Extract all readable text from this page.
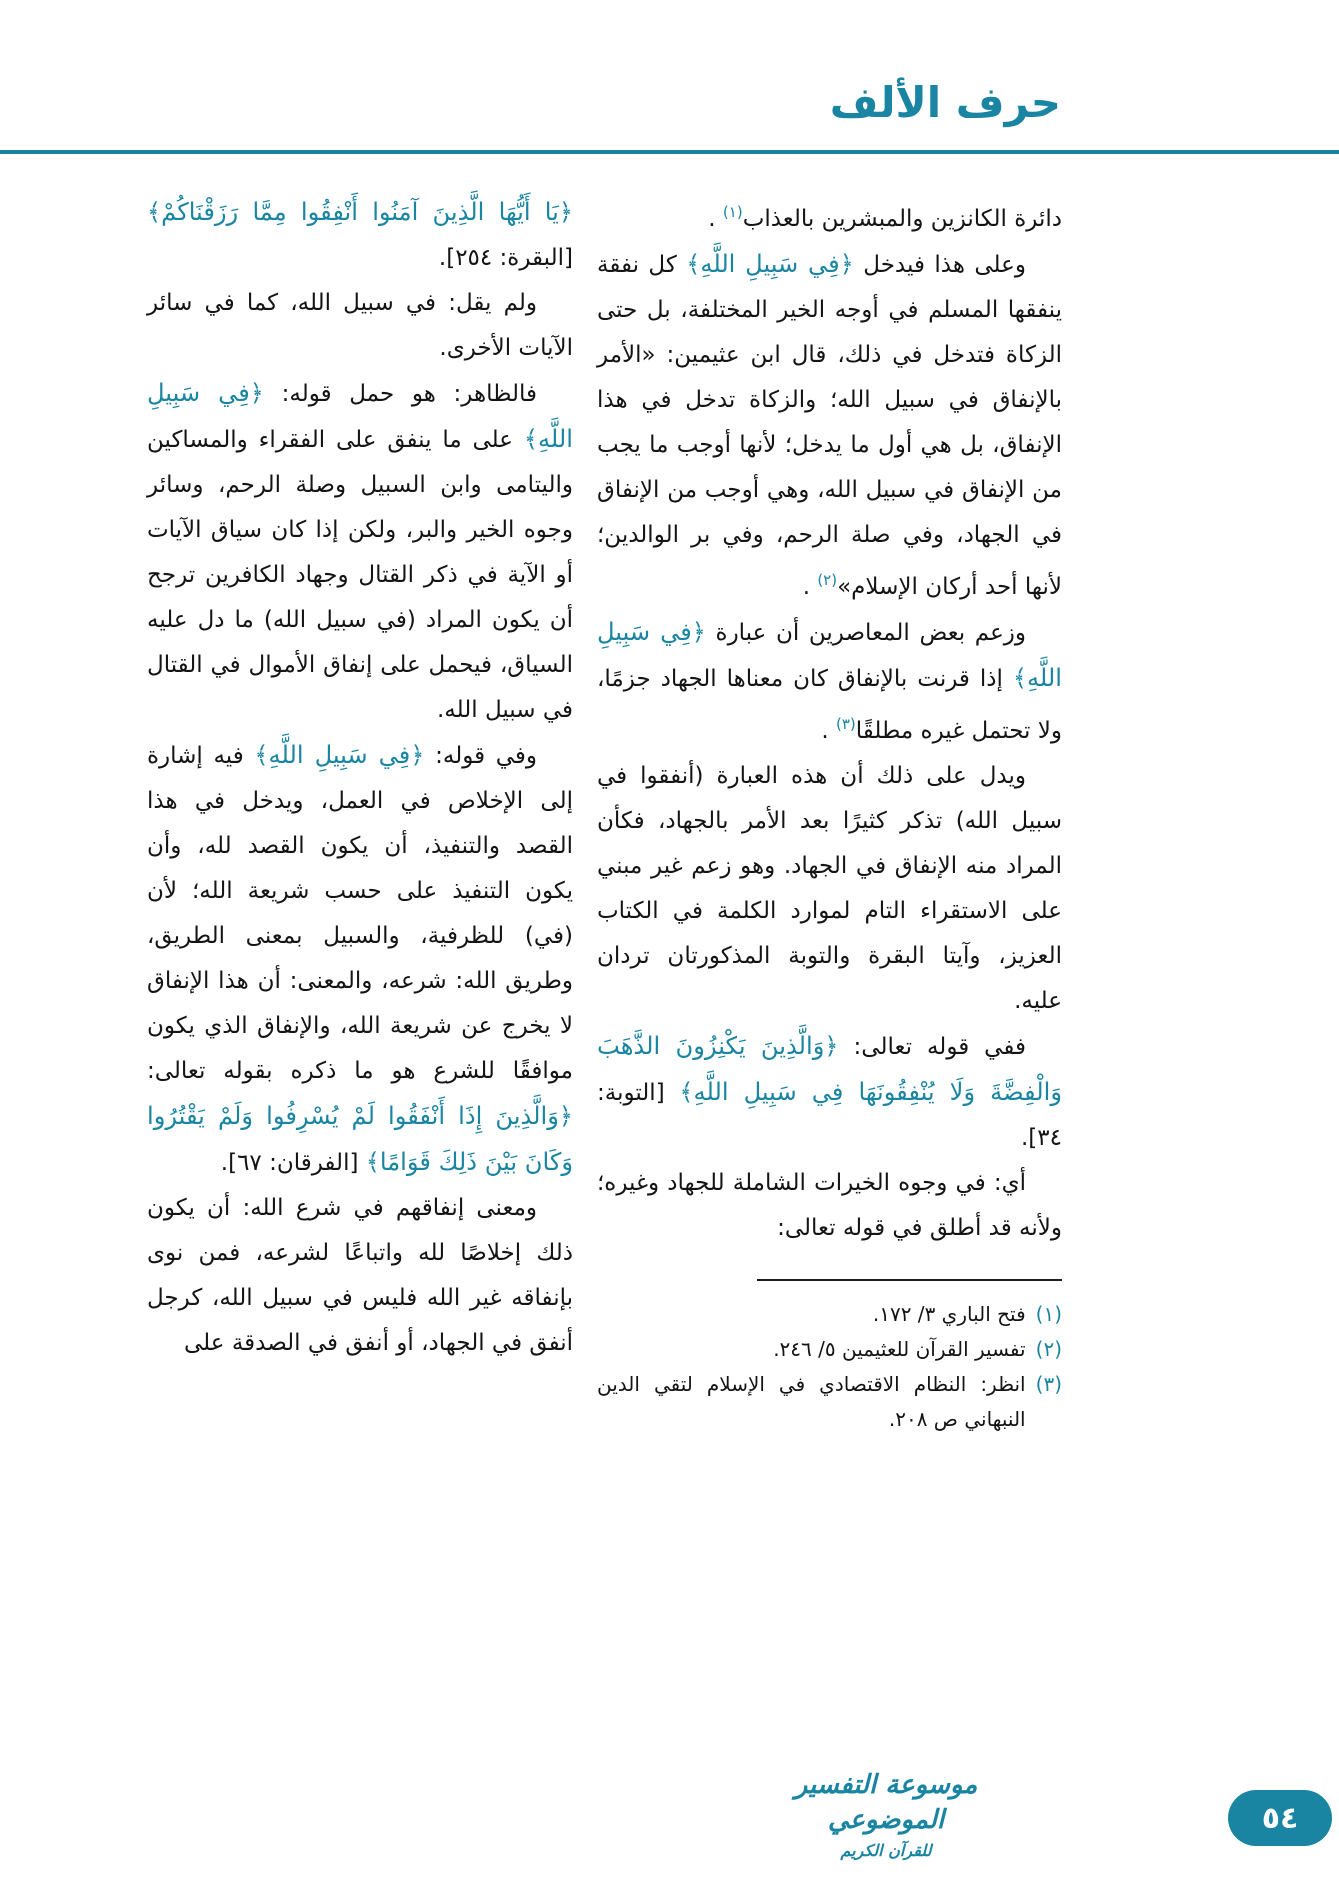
حرف الألف

دائرة الكانزين والمبشرين بالعذاب$^{(١)}$ .

وعلى هذا فيدخل ﴿فِي سَبِيلِ اللَّهِ﴾ كل نفقة ينفقها المسلم في أوجه الخير المختلفة، بل حتى الزكاة فتدخل في ذلك، قال ابن عثيمين: «الأمر بالإنفاق في سبيل الله؛ والزكاة تدخل في هذا الإنفاق، بل هي أول ما يدخل؛ لأنها أوجب ما يجب من الإنفاق في سبيل الله، وهي أوجب من الإنفاق في الجهاد، وفي صلة الرحم، وفي بر الوالدين؛ لأنها أحد أركان الإسلام»$^{(٢)}$ .

وزعم بعض المعاصرين أن عبارة ﴿فِي سَبِيلِ اللَّهِ﴾ إذا قرنت بالإنفاق كان معناها الجهاد جزمًا، ولا تحتمل غيره مطلقًا$^{(٣)}$ .

ويدل على ذلك أن هذه العبارة (أنفقوا في سبيل الله) تذكر كثيرًا بعد الأمر بالجهاد، فكأن المراد منه الإنفاق في الجهاد. وهو زعم غير مبني على الاستقراء التام لموارد الكلمة في الكتاب العزيز، وآيتا البقرة والتوبة المذكورتان تردان عليه.

ففي قوله تعالى: ﴿وَالَّذِينَ يَكْنِزُونَ الذَّهَبَ وَالْفِضَّةَ وَلَا يُنْفِقُونَهَا فِي سَبِيلِ اللَّهِ﴾ [التوبة: ٣٤].

أي: في وجوه الخيرات الشاملة للجهاد وغيره؛ ولأنه قد أطلق في قوله تعالى:

(١)
فتح الباري ٣/ ١٧٢.
(٢)
تفسير القرآن للعثيمين ٥/ ٢٤٦.
(٣)
انظر: النظام الاقتصادي في الإسلام لتقي الدين النبهاني ص ٢٠٨.

﴿يَا أَيُّهَا الَّذِينَ آمَنُوا أَنْفِقُوا مِمَّا رَزَقْنَاكُمْ﴾ [البقرة: ٢٥٤].

ولم يقل: في سبيل الله، كما في سائر الآيات الأخرى.

فالظاهر: هو حمل قوله: ﴿فِي سَبِيلِ اللَّهِ﴾ على ما ينفق على الفقراء والمساكين واليتامى وابن السبيل وصلة الرحم، وسائر وجوه الخير والبر، ولكن إذا كان سياق الآيات أو الآية في ذكر القتال وجهاد الكافرين ترجح أن يكون المراد (في سبيل الله) ما دل عليه السياق، فيحمل على إنفاق الأموال في القتال في سبيل الله.

وفي قوله: ﴿فِي سَبِيلِ اللَّهِ﴾ فيه إشارة إلى الإخلاص في العمل، ويدخل في هذا القصد والتنفيذ، أن يكون القصد لله، وأن يكون التنفيذ على حسب شريعة الله؛ لأن (في) للظرفية، والسبيل بمعنى الطريق، وطريق الله: شرعه، والمعنى: أن هذا الإنفاق لا يخرج عن شريعة الله، والإنفاق الذي يكون موافقًا للشرع هو ما ذكره بقوله تعالى: ﴿وَالَّذِينَ إِذَا أَنْفَقُوا لَمْ يُسْرِفُوا وَلَمْ يَقْتُرُوا وَكَانَ بَيْنَ ذَلِكَ قَوَامًا﴾ [الفرقان: ٦٧].

ومعنى إنفاقهم في شرع الله: أن يكون ذلك إخلاصًا لله واتباعًا لشرعه، فمن نوى بإنفاقه غير الله فليس في سبيل الله، كرجل أنفق في الجهاد، أو أنفق في الصدقة على

موسوعة التفسير الموضوعي
للقرآن الكريم
٥٤
